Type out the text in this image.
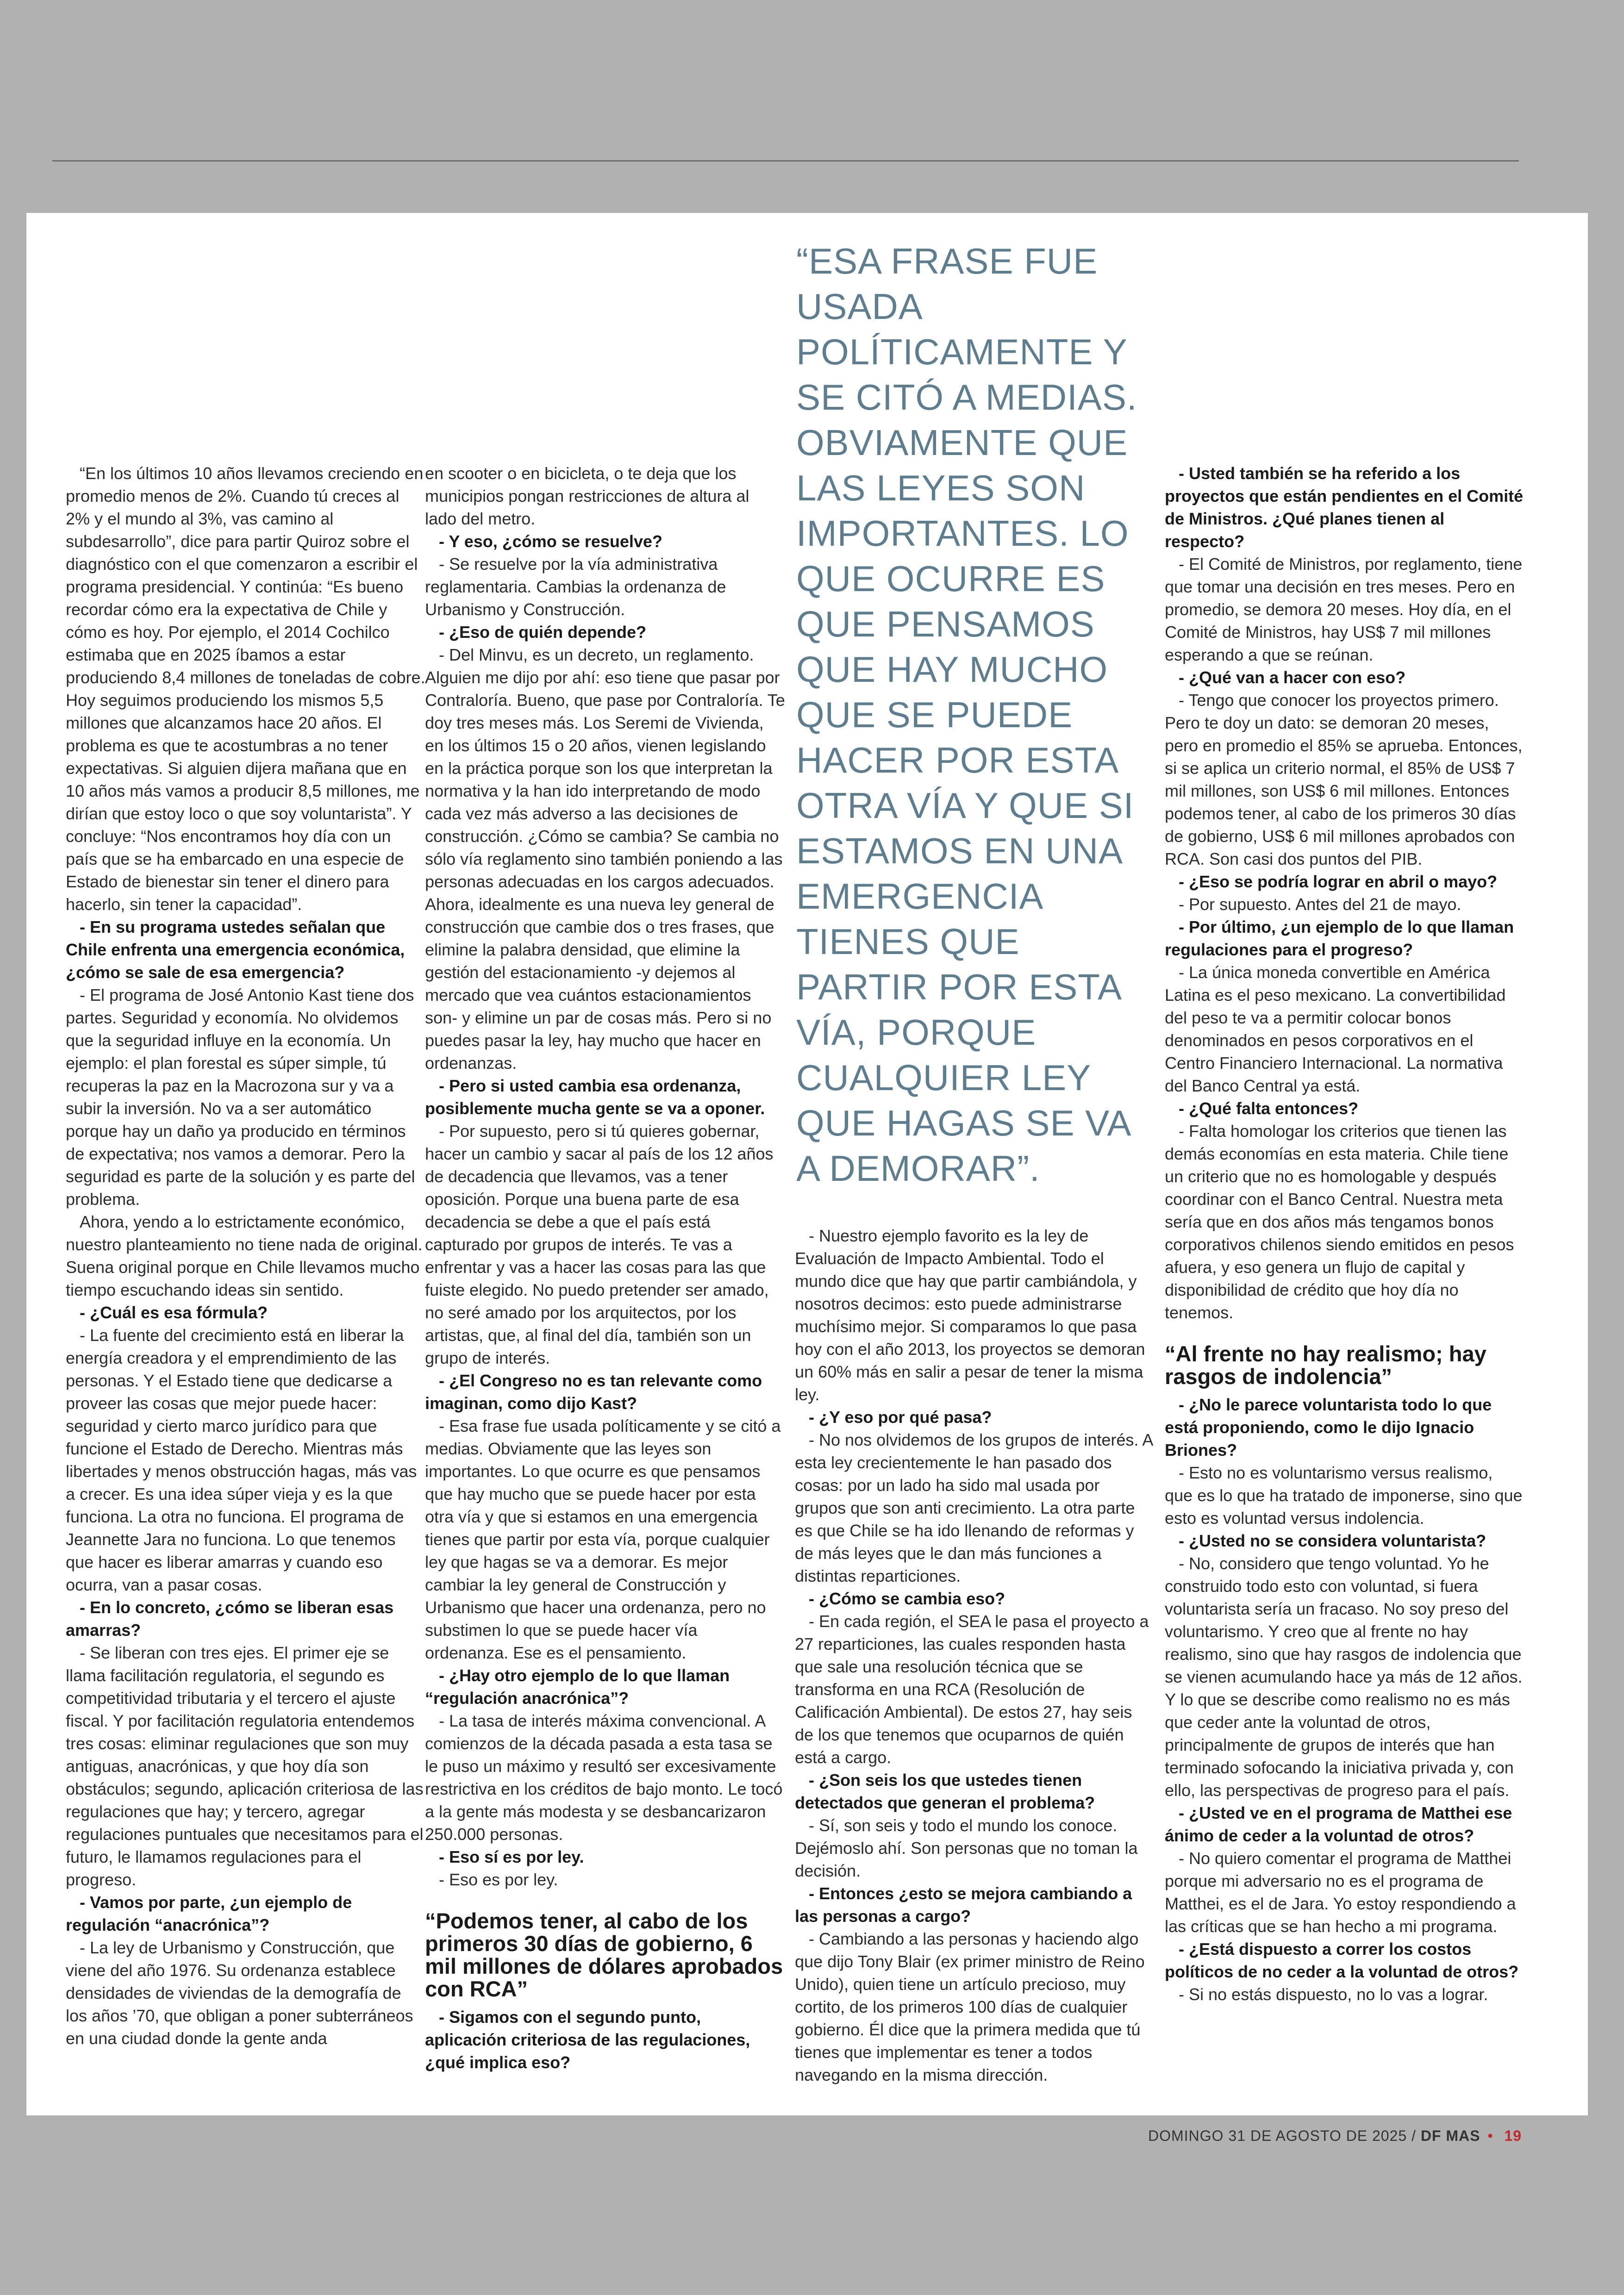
“ESA FRASE FUE USADA POLÍTICAMENTE Y SE CITÓ A MEDIAS. OBVIAMENTE QUE LAS LEYES SON IMPORTANTES. LO QUE OCURRE ES QUE PENSAMOS QUE HAY MUCHO QUE SE PUEDE HACER POR ESTA OTRA VÍA Y QUE SI ESTAMOS EN UNA EMERGENCIA TIENES QUE PARTIR POR ESTA VÍA, PORQUE CUALQUIER LEY QUE HAGAS SE VA A DEMORAR”.

“En los últimos 10 años llevamos creciendo en promedio menos de 2%. Cuando tú creces al 2% y el mundo al 3%, vas camino al subdesarrollo”, dice para partir Quiroz sobre el diagnóstico con el que comenzaron a escribir el programa presidencial. Y continúa: “Es bueno recordar cómo era la expectativa de Chile y cómo es hoy. Por ejemplo, el 2014 Cochilco estimaba que en 2025 íbamos a estar produciendo 8,4 millones de toneladas de cobre. Hoy seguimos produciendo los mismos 5,5 millones que alcanzamos hace 20 años. El problema es que te acostumbras a no tener expectativas. Si alguien dijera mañana que en 10 años más vamos a producir 8,5 millones, me dirían que estoy loco o que soy voluntarista”. Y concluye: “Nos encontramos hoy día con un país que se ha embarcado en una especie de Estado de bienestar sin tener el dinero para hacerlo, sin tener la capacidad”.

- En su programa ustedes señalan que Chile enfrenta una emergencia económica, ¿cómo se sale de esa emergencia?

- El programa de José Antonio Kast tiene dos partes. Seguridad y economía. No olvidemos que la seguridad influye en la economía. Un ejemplo: el plan forestal es súper simple, tú recuperas la paz en la Macrozona sur y va a subir la inversión. No va a ser automático porque hay un daño ya producido en términos de expectativa; nos vamos a demorar. Pero la seguridad es parte de la solución y es parte del problema.

Ahora, yendo a lo estrictamente económico, nuestro planteamiento no tiene nada de original. Suena original porque en Chile llevamos mucho tiempo escuchando ideas sin sentido.

- ¿Cuál es esa fórmula?

- La fuente del crecimiento está en liberar la energía creadora y el emprendimiento de las personas. Y el Estado tiene que dedicarse a proveer las cosas que mejor puede hacer: seguridad y cierto marco jurídico para que funcione el Estado de Derecho. Mientras más libertades y menos obstrucción hagas, más vas a crecer. Es una idea súper vieja y es la que funciona. La otra no funciona. El programa de Jeannette Jara no funciona. Lo que tenemos que hacer es liberar amarras y cuando eso ocurra, van a pasar cosas.

- En lo concreto, ¿cómo se liberan esas amarras?

- Se liberan con tres ejes. El primer eje se llama facilitación regulatoria, el segundo es competitividad tributaria y el tercero el ajuste fiscal. Y por facilitación regulatoria entendemos tres cosas: eliminar regulaciones que son muy antiguas, anacrónicas, y que hoy día son obstáculos; segundo, aplicación criteriosa de las regulaciones que hay; y tercero, agregar regulaciones puntuales que necesitamos para el futuro, le llamamos regulaciones para el progreso.

- Vamos por parte, ¿un ejemplo de regulación “anacrónica”?

- La ley de Urbanismo y Construcción, que viene del año 1976. Su ordenanza establece densidades de viviendas de la demografía de los años ’70, que obligan a poner subterráneos en una ciudad donde la gente anda

en scooter o en bicicleta, o te deja que los municipios pongan restricciones de altura al lado del metro.

- Y eso, ¿cómo se resuelve?

- Se resuelve por la vía administrativa reglamentaria. Cambias la ordenanza de Urbanismo y Construcción.

- ¿Eso de quién depende?

- Del Minvu, es un decreto, un reglamento. Alguien me dijo por ahí: eso tiene que pasar por Contraloría. Bueno, que pase por Contraloría. Te doy tres meses más. Los Seremi de Vivienda, en los últimos 15 o 20 años, vienen legislando en la práctica porque son los que interpretan la normativa y la han ido interpretando de modo cada vez más adverso a las decisiones de construcción. ¿Cómo se cambia? Se cambia no sólo vía reglamento sino también poniendo a las personas adecuadas en los cargos adecuados. Ahora, idealmente es una nueva ley general de construcción que cambie dos o tres frases, que elimine la palabra densidad, que elimine la gestión del estacionamiento -y dejemos al mercado que vea cuántos estacionamientos son- y elimine un par de cosas más. Pero si no puedes pasar la ley, hay mucho que hacer en ordenanzas.

- Pero si usted cambia esa ordenanza, posiblemente mucha gente se va a oponer.

- Por supuesto, pero si tú quieres gobernar, hacer un cambio y sacar al país de los 12 años de decadencia que llevamos, vas a tener oposición. Porque una buena parte de esa decadencia se debe a que el país está capturado por grupos de interés. Te vas a enfrentar y vas a hacer las cosas para las que fuiste elegido. No puedo pretender ser amado, no seré amado por los arquitectos, por los artistas, que, al final del día, también son un grupo de interés.

- ¿El Congreso no es tan relevante como imaginan, como dijo Kast?

- Esa frase fue usada políticamente y se citó a medias. Obviamente que las leyes son importantes. Lo que ocurre es que pensamos que hay mucho que se puede hacer por esta otra vía y que si estamos en una emergencia tienes que partir por esta vía, porque cualquier ley que hagas se va a demorar. Es mejor cambiar la ley general de Construcción y Urbanismo que hacer una ordenanza, pero no substimen lo que se puede hacer vía ordenanza. Ese es el pensamiento.

- ¿Hay otro ejemplo de lo que llaman “regulación anacrónica”?

- La tasa de interés máxima convencional. A comienzos de la década pasada a esta tasa se le puso un máximo y resultó ser excesivamente restrictiva en los créditos de bajo monto. Le tocó a la gente más modesta y se desbancarizaron 250.000 personas.

- Eso sí es por ley.

- Eso es por ley.

“Podemos tener, al cabo de los primeros 30 días de gobierno, 6 mil millones de dólares aprobados con RCA”

- Sigamos con el segundo punto, aplicación criteriosa de las regulaciones, ¿qué implica eso?

- Nuestro ejemplo favorito es la ley de Evaluación de Impacto Ambiental. Todo el mundo dice que hay que partir cambiándola, y nosotros decimos: esto puede administrarse muchísimo mejor. Si comparamos lo que pasa hoy con el año 2013, los proyectos se demoran un 60% más en salir a pesar de tener la misma ley.

- ¿Y eso por qué pasa?

- No nos olvidemos de los grupos de interés. A esta ley crecientemente le han pasado dos cosas: por un lado ha sido mal usada por grupos que son anti crecimiento. La otra parte es que Chile se ha ido llenando de reformas y de más leyes que le dan más funciones a distintas reparticiones.

- ¿Cómo se cambia eso?

- En cada región, el SEA le pasa el proyecto a 27 reparticiones, las cuales responden hasta que sale una resolución técnica que se transforma en una RCA (Resolución de Calificación Ambiental). De estos 27, hay seis de los que tenemos que ocuparnos de quién está a cargo.

- ¿Son seis los que ustedes tienen detectados que generan el problema?

- Sí, son seis y todo el mundo los conoce. Dejémoslo ahí. Son personas que no toman la decisión.

- Entonces ¿esto se mejora cambiando a las personas a cargo?

- Cambiando a las personas y haciendo algo que dijo Tony Blair (ex primer ministro de Reino Unido), quien tiene un artículo precioso, muy cortito, de los primeros 100 días de cualquier gobierno. Él dice que la primera medida que tú tienes que implementar es tener a todos navegando en la misma dirección.

- Usted también se ha referido a los proyectos que están pendientes en el Comité de Ministros. ¿Qué planes tienen al respecto?

- El Comité de Ministros, por reglamento, tiene que tomar una decisión en tres meses. Pero en promedio, se demora 20 meses. Hoy día, en el Comité de Ministros, hay US$ 7 mil millones esperando a que se reúnan.

- ¿Qué van a hacer con eso?

- Tengo que conocer los proyectos primero. Pero te doy un dato: se demoran 20 meses, pero en promedio el 85% se aprueba. Entonces, si se aplica un criterio normal, el 85% de US$ 7 mil millones, son US$ 6 mil millones. Entonces podemos tener, al cabo de los primeros 30 días de gobierno, US$ 6 mil millones aprobados con RCA. Son casi dos puntos del PIB.

- ¿Eso se podría lograr en abril o mayo?

- Por supuesto. Antes del 21 de mayo.

- Por último, ¿un ejemplo de lo que llaman regulaciones para el progreso?

- La única moneda convertible en América Latina es el peso mexicano. La convertibilidad del peso te va a permitir colocar bonos denominados en pesos corporativos en el Centro Financiero Internacional. La normativa del Banco Central ya está.

- ¿Qué falta entonces?

- Falta homologar los criterios que tienen las demás economías en esta materia. Chile tiene un criterio que no es homologable y después coordinar con el Banco Central. Nuestra meta sería que en dos años más tengamos bonos corporativos chilenos siendo emitidos en pesos afuera, y eso genera un flujo de capital y disponibilidad de crédito que hoy día no tenemos.

“Al frente no hay realismo; hay rasgos de indolencia”

- ¿No le parece voluntarista todo lo que está proponiendo, como le dijo Ignacio Briones?

- Esto no es voluntarismo versus realismo, que es lo que ha tratado de imponerse, sino que esto es voluntad versus indolencia.

- ¿Usted no se considera voluntarista?

- No, considero que tengo voluntad. Yo he construido todo esto con voluntad, si fuera voluntarista sería un fracaso. No soy preso del voluntarismo. Y creo que al frente no hay realismo, sino que hay rasgos de indolencia que se vienen acumulando hace ya más de 12 años. Y lo que se describe como realismo no es más que ceder ante la voluntad de otros, principalmente de grupos de interés que han terminado sofocando la iniciativa privada y, con ello, las perspectivas de progreso para el país.

- ¿Usted ve en el programa de Matthei ese ánimo de ceder a la voluntad de otros?

- No quiero comentar el programa de Matthei porque mi adversario no es el programa de Matthei, es el de Jara. Yo estoy respondiendo a las críticas que se han hecho a mi programa.

- ¿Está dispuesto a correr los costos políticos de no ceder a la voluntad de otros?

- Si no estás dispuesto, no lo vas a lograr.

DOMINGO 31 DE AGOSTO DE 2025 / DF MAS • 19
